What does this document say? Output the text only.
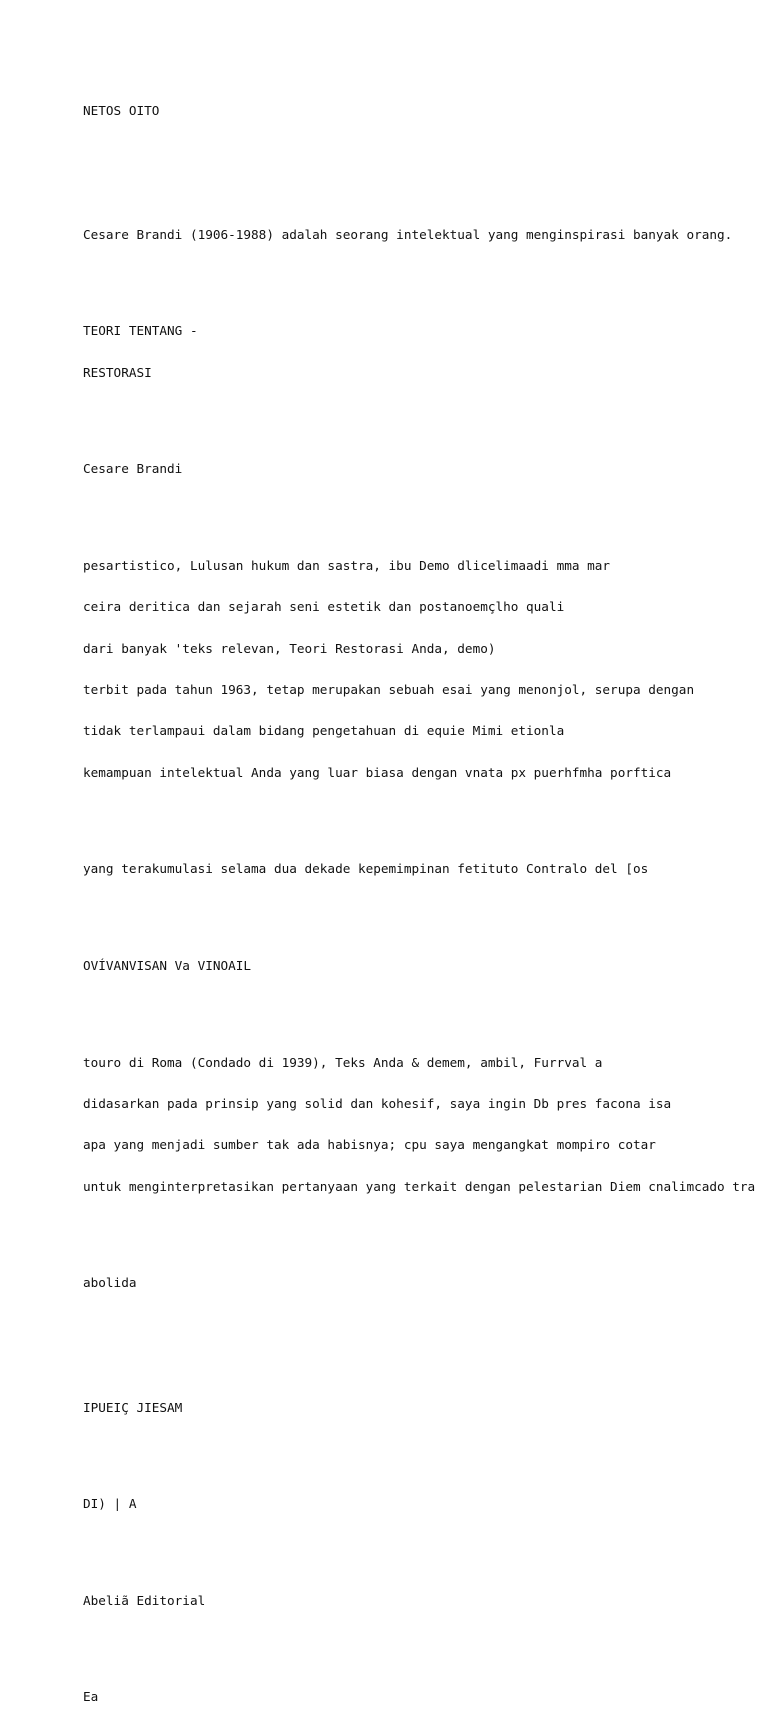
NETOS OITO

Cesare Brandi (1906-1988) adalah seorang intelektual yang menginspirasi banyak orang.

TEORI TENTANG -

RESTORASI

Cesare Brandi

pesartistico, Lulusan hukum dan sastra, ibu Demo dlicelimaadi mma mar

ceira deritica dan sejarah seni estetik dan postanoemçlho quali

dari banyak 'teks relevan, Teori Restorasi Anda, demo)

terbit pada tahun 1963, tetap merupakan sebuah esai yang menonjol, serupa dengan

tidak terlampaui dalam bidang pengetahuan di equie Mimi etionla

kemampuan intelektual Anda yang luar biasa dengan vnata px puerhfmha porftica

yang terakumulasi selama dua dekade kepemimpinan fetituto Contralo del [os

OVÍVANVISAN Va VINOAIL

touro di Roma (Condado di 1939), Teks Anda & demem, ambil, Furrval a

didasarkan pada prinsip yang solid dan kohesif, saya ingin Db pres facona isa

apa yang menjadi sumber tak ada habisnya; cpu saya mengangkat mompiro cotar

untuk menginterpretasikan pertanyaan yang terkait dengan pelestarian Diem cnalimcado tra

abolida

IPUEIÇ JIESAM

DI) | A

Abeliã Editorial

Ea
